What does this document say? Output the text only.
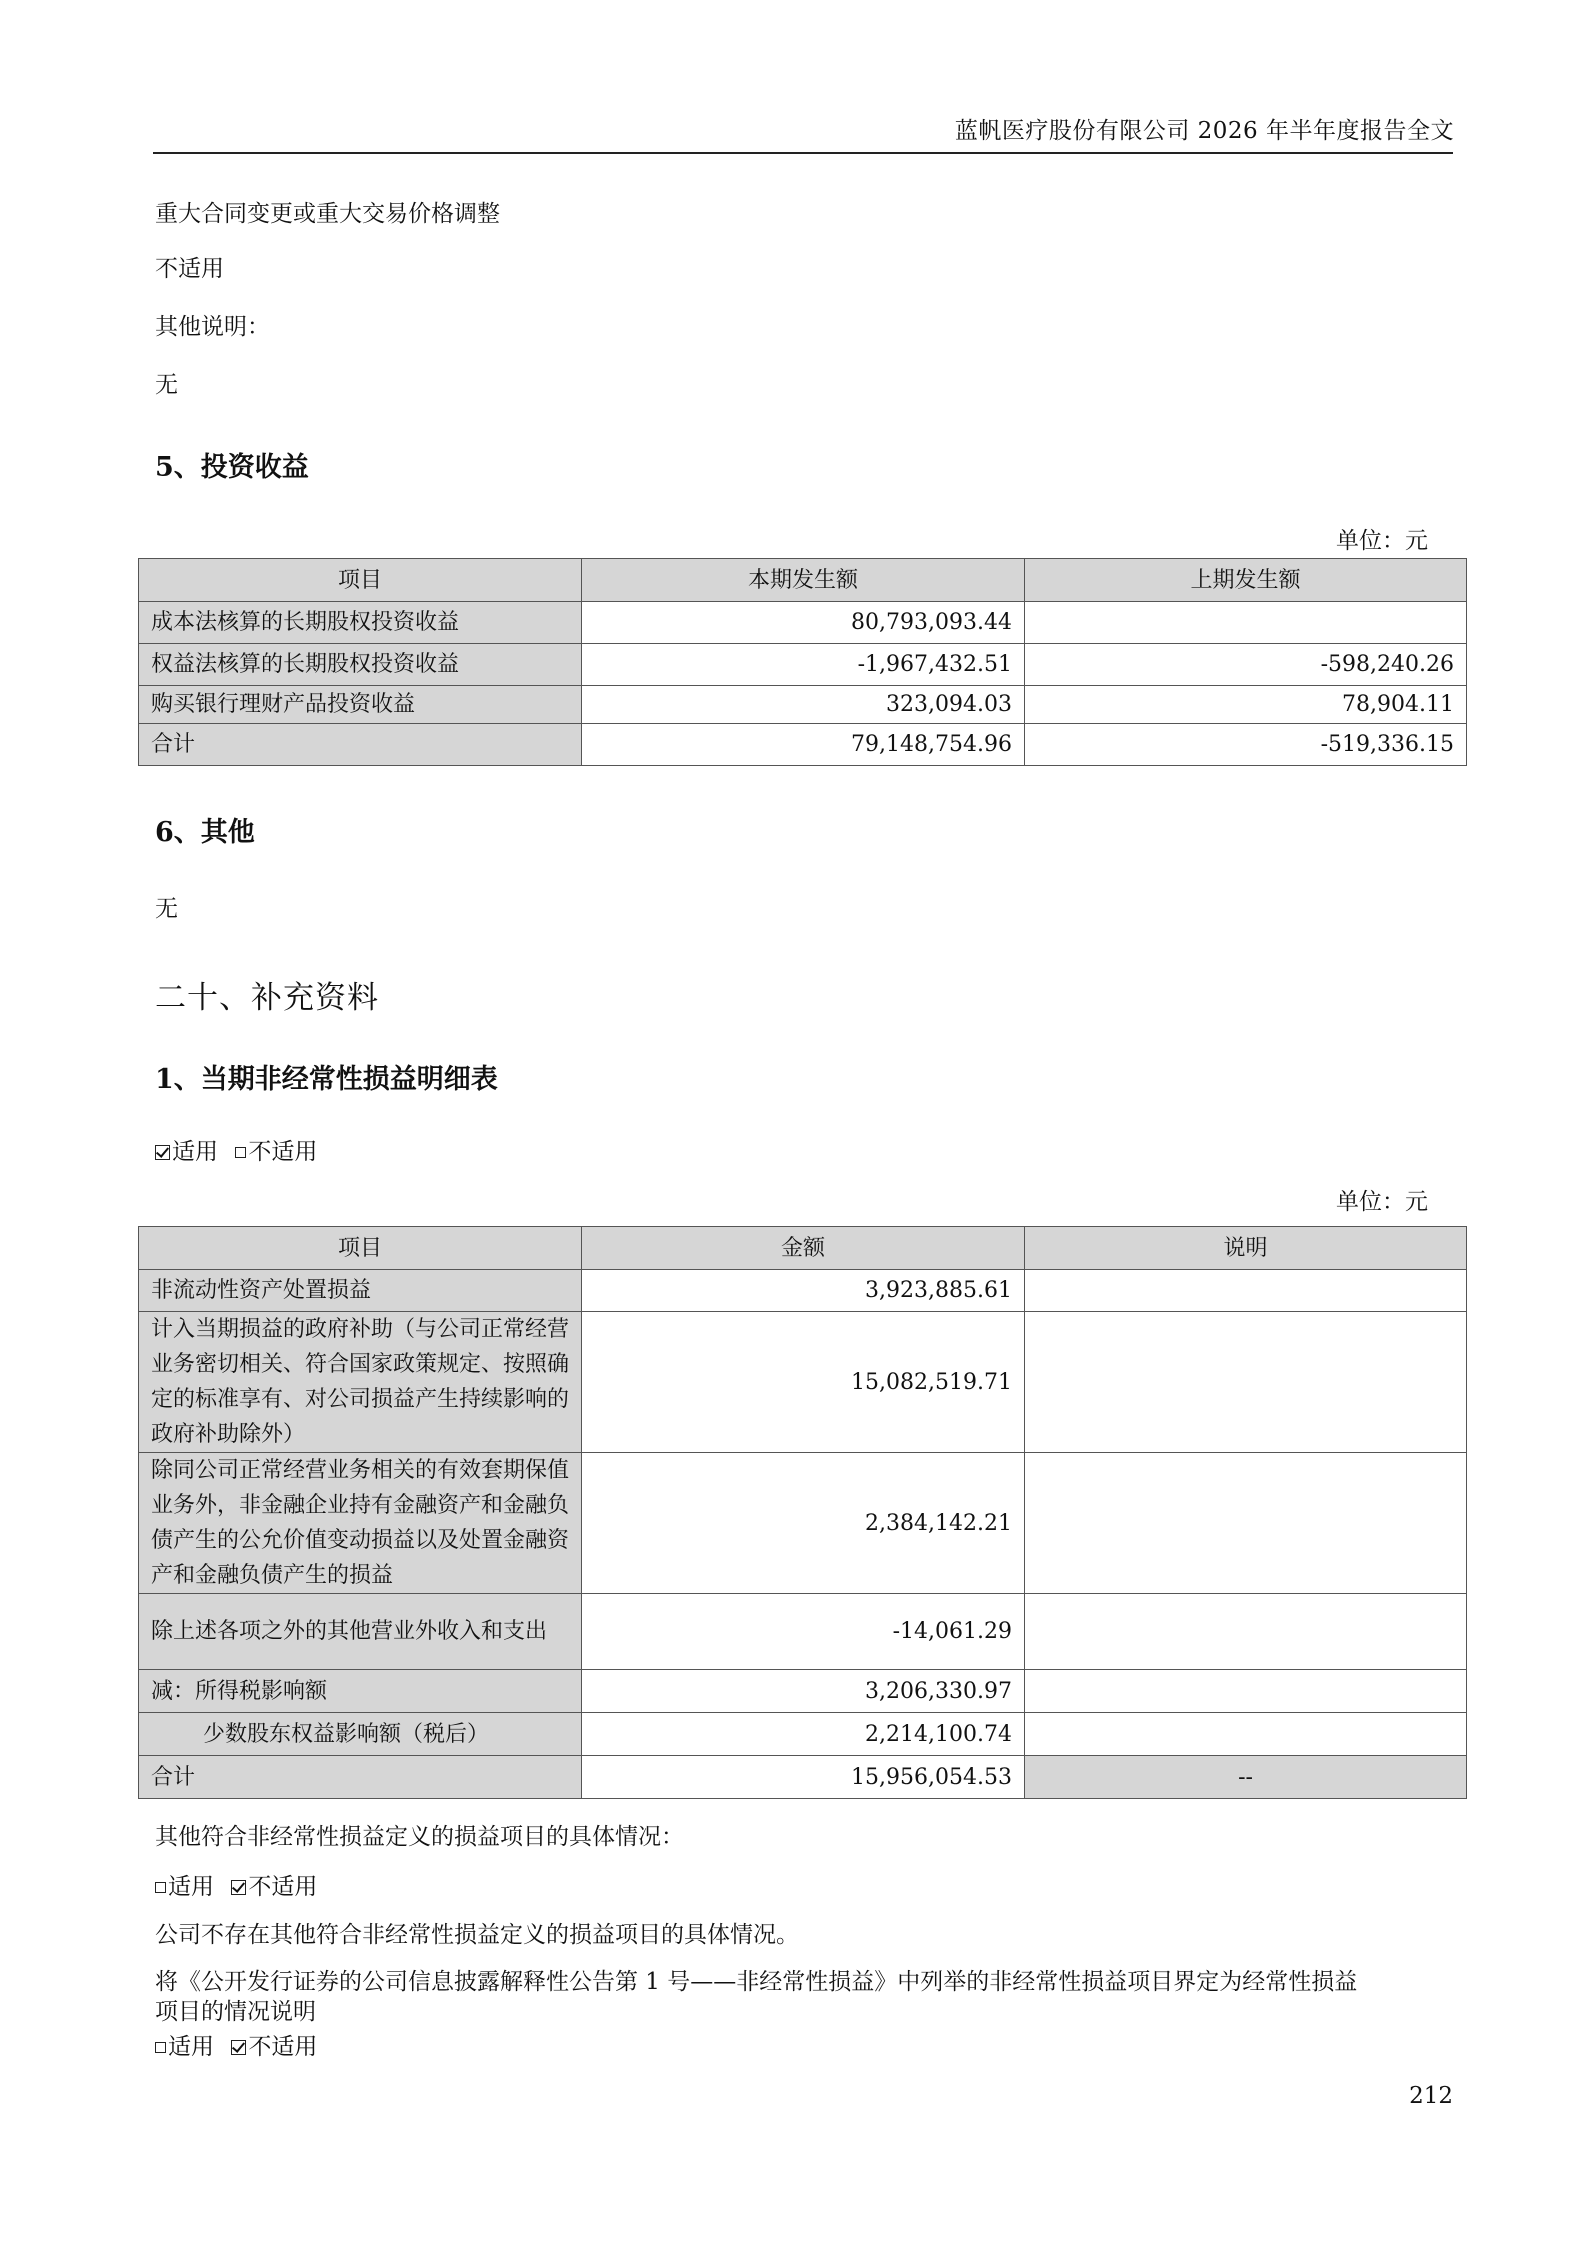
蓝帆医疗股份有限公司 2026 年半年度报告全文
重大合同变更或重大交易价格调整
不适用
其他说明：
无
5、投资收益
单位：元
项目	本期发生额	上期发生额
成本法核算的长期股权投资收益	80,793,093.44	
权益法核算的长期股权投资收益	-1,967,432.51	-598,240.26
购买银行理财产品投资收益	323,094.03	78,904.11
合计	79,148,754.96	-519,336.15
6、其他
无
二十、补充资料
1、当期非经常性损益明细表
适用 不适用
单位：元
项目	金额	说明
非流动性资产处置损益	3,923,885.61	
计入当期损益的政府补助（与公司正常经营业务密切相关、符合国家政策规定、按照确定的标准享有、对公司损益产生持续影响的政府补助除外）	15,082,519.71	
除同公司正常经营业务相关的有效套期保值业务外，非金融企业持有金融资产和金融负债产生的公允价值变动损益以及处置金融资产和金融负债产生的损益	2,384,142.21	
除上述各项之外的其他营业外收入和支出	-14,061.29	
减：所得税影响额	3,206,330.97	
少数股东权益影响额（税后）	2,214,100.74	
合计	15,956,054.53	--
其他符合非经常性损益定义的损益项目的具体情况：
适用 不适用
公司不存在其他符合非经常性损益定义的损益项目的具体情况。
将《公开发行证券的公司信息披露解释性公告第 1 号——非经常性损益》中列举的非经常性损益项目界定为经常性损益
项目的情况说明
适用 不适用
212
